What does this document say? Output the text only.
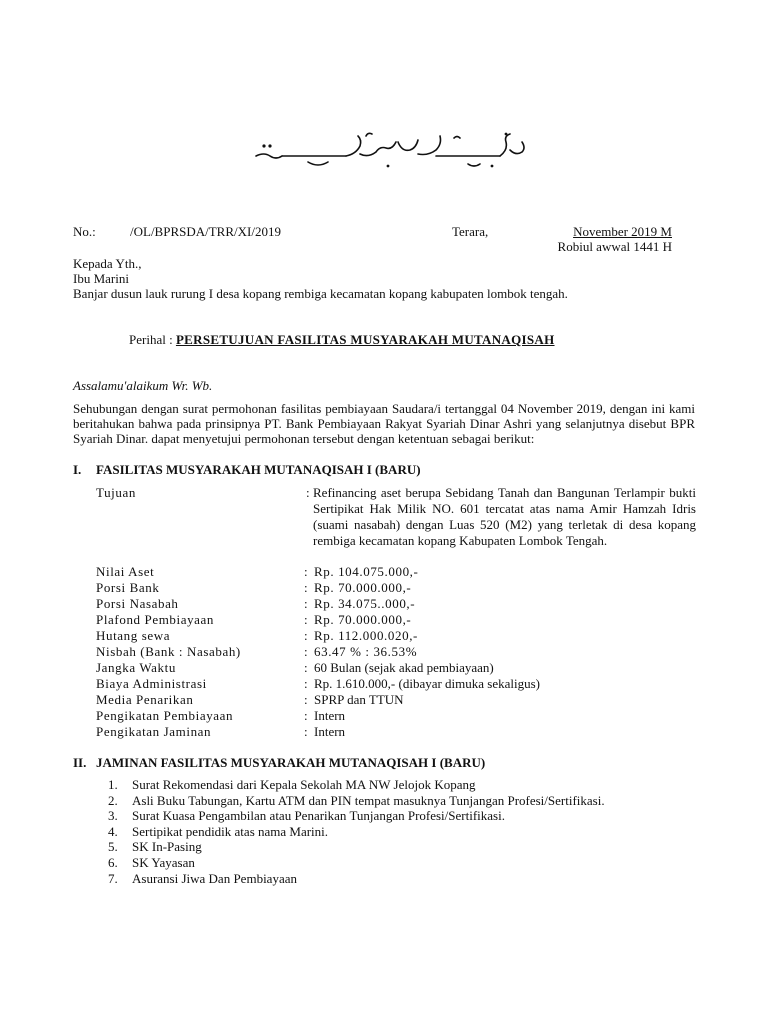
No.:	/OL/BPRSDA/TRR/XI/2019	Terara,	November 2019 M
Robiul awwal 1441 H
Kepada Yth.,
Ibu Marini
Banjar dusun lauk rurung I desa kopang rembiga kecamatan kopang kabupaten lombok tengah.
Perihal : PERSETUJUAN FASILITAS MUSYARAKAH MUTANAQISAH
Assalamu'alaikum Wr. Wb.
Sehubungan dengan surat permohonan fasilitas pembiayaan Saudara/i tertanggal 04 November 2019, dengan ini kami beritahukan bahwa pada prinsipnya PT. Bank Pembiayaan Rakyat Syariah Dinar Ashri yang selanjutnya disebut BPR Syariah Dinar. dapat menyetujui permohonan tersebut dengan ketentuan sebagai berikut:
I. FASILITAS MUSYARAKAH MUTANAQISAH I (BARU)
Tujuan	: Refinancing aset berupa Sebidang Tanah dan Bangunan Terlampir bukti Sertipikat Hak Milik NO. 601 tercatat atas nama Amir Hamzah Idris (suami nasabah) dengan Luas 520 (M2) yang terletak di desa kopang rembiga kecamatan kopang Kabupaten Lombok Tengah.
Nilai Aset	: Rp. 104.075.000,-
Porsi Bank	: Rp. 70.000.000,-
Porsi Nasabah	: Rp. 34.075..000,-
Plafond Pembiayaan	: Rp. 70.000.000,-
Hutang sewa	: Rp. 112.000.020,-
Nisbah (Bank : Nasabah)	: 63.47 % : 36.53%
Jangka Waktu	: 60 Bulan (sejak akad pembiayaan)
Biaya Administrasi	: Rp. 1.610.000,- (dibayar dimuka sekaligus)
Media Penarikan	: SPRP dan TTUN
Pengikatan Pembiayaan	: Intern
Pengikatan Jaminan	: Intern
II. JAMINAN FASILITAS MUSYARAKAH MUTANAQISAH I (BARU)
1. Surat Rekomendasi dari Kepala Sekolah MA NW Jelojok Kopang
2. Asli Buku Tabungan, Kartu ATM dan PIN tempat masuknya Tunjangan Profesi/Sertifikasi.
3. Surat Kuasa Pengambilan atau Penarikan Tunjangan Profesi/Sertifikasi.
4. Sertipikat pendidik atas nama Marini.
5. SK In-Pasing
6. SK Yayasan
7. Asuransi Jiwa Dan Pembiayaan
